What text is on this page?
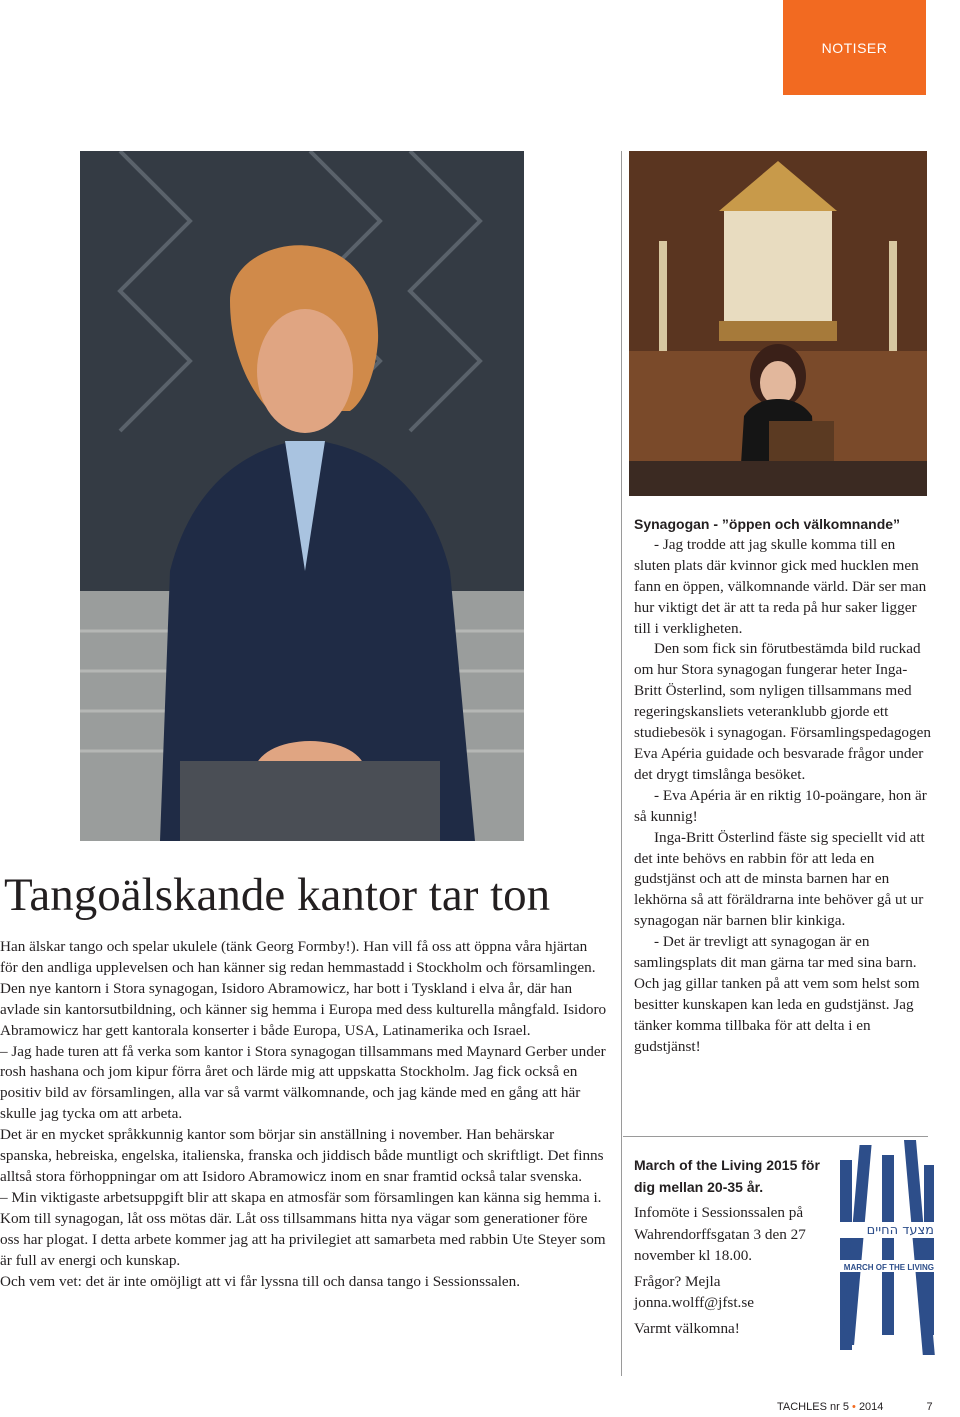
NOTISER
Tangoälskande kantor tar ton

Han älskar tango och spelar ukulele (tänk Georg Formby!). Han vill få oss att öppna våra hjärtan för den andliga upplevelsen och han känner sig redan hemmastadd i Stockholm och församlingen.

Den nye kantorn i Stora synagogan, Isidoro Abramowicz, har bott i Tyskland i elva år, där han avlade sin kantorsutbildning, och känner sig hemma i Europa med dess kulturella mångfald. Isidoro Abramowicz har gett kantorala konserter i både Europa, USA, Latinamerika och Israel.

– Jag hade turen att få verka som kantor i Stora synagogan tillsammans med Maynard Gerber under rosh hashana och jom kipur förra året och lärde mig att uppskatta Stockholm. Jag fick också en positiv bild av församlingen, alla var så varmt välkomnande, och jag kände med en gång att här skulle jag tycka om att arbeta.

Det är en mycket språkkunnig kantor som börjar sin anställning i november. Han behärskar spanska, hebreiska, engelska, italienska, franska och jiddisch både muntligt och skriftligt. Det finns alltså stora förhoppningar om att Isidoro Abramowicz inom en snar framtid också talar svenska.

– Min viktigaste arbetsuppgift blir att skapa en atmosfär som församlingen kan känna sig hemma i. Kom till synagogan, låt oss mötas där. Låt oss tillsammans hitta nya vägar som generationer före oss har plogat. I detta arbete kommer jag att ha privilegiet att samarbeta med rabbin Ute Steyer som är full av energi och kunskap.

Och vem vet: det är inte omöjligt att vi får lyssna till och dansa tango i Sessionssalen.

Synagogan - ”öppen och välkomnande”

- Jag trodde att jag skulle komma till en sluten plats där kvinnor gick med hucklen men fann en öppen, välkomnande värld. Där ser man hur viktigt det är att ta reda på hur saker ligger till i verkligheten.

Den som fick sin förutbestämda bild ruckad om hur Stora synagogan fungerar heter Inga-Britt Österlind, som nyligen tillsammans med regeringskansliets veteranklubb gjorde ett studiebesök i synagogan. Församlingspedagogen Eva Apéria guidade och besvarade frågor under det drygt timslånga besöket.

- Eva Apéria är en riktig 10-poängare, hon är så kunnig!

Inga-Britt Österlind fäste sig speciellt vid att det inte behövs en rabbin för att leda en gudstjänst och att de minsta barnen har en lekhörna så att föräldrarna inte behöver gå ut ur synagogan när barnen blir kinkiga.

- Det är trevligt att synagogan är en samlingsplats dit man gärna tar med sina barn. Och jag gillar tanken på att vem som helst som besitter kunskapen kan leda en gudstjänst. Jag tänker komma tillbaka för att delta i en gudstjänst!

March of the Living 2015 för dig mellan 20-35 år.

Infomöte i Sessionssalen på Wahrendorffsgatan 3 den 27 november kl 18.00.

Frågor? Mejla jonna.wolff@jfst.se

Varmt välkomna!

מצעד החיים
MARCH OF THE LIVING
TACHLES nr 5 • 2014	7
